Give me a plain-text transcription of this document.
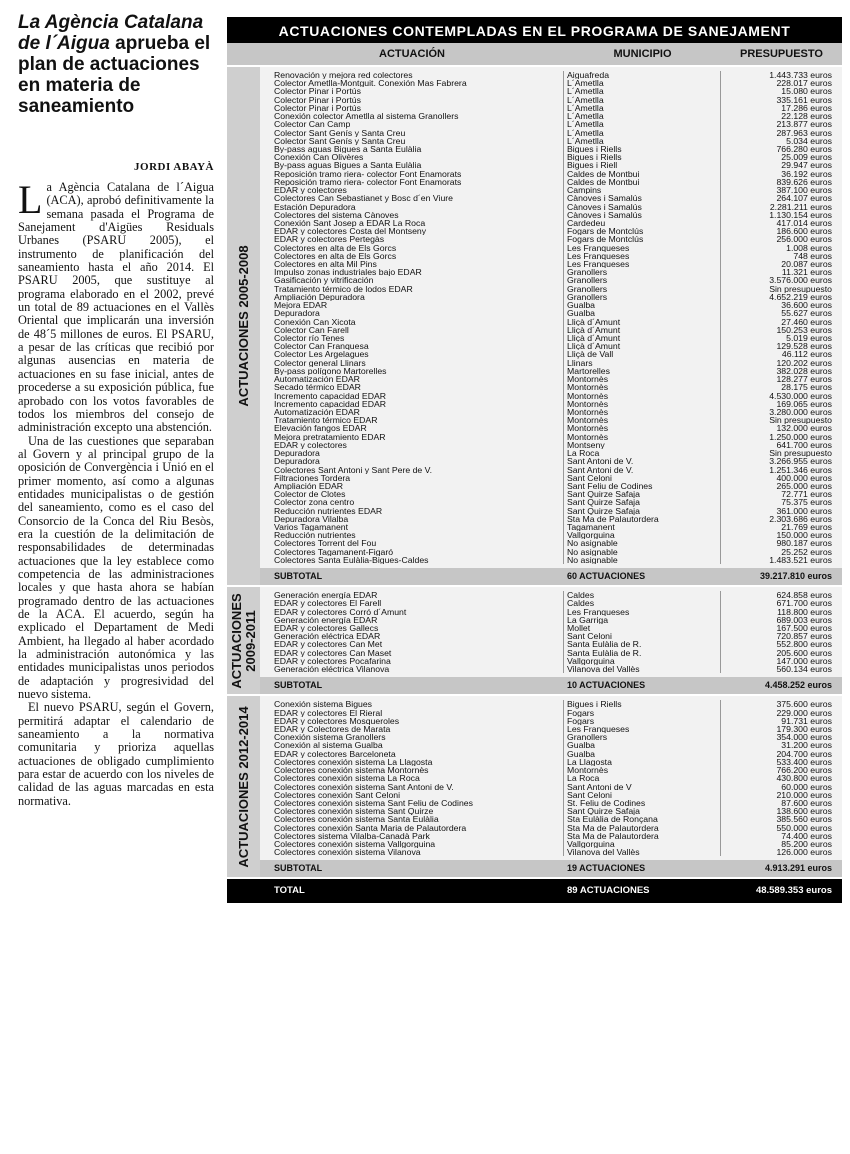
La Agència Catalana de l´Aigua aprueba el plan de actuaciones en materia de saneamiento
JORDI ABAYÀ

La Agència Catalana de l´Aigua (ACA), aprobó definitivamente la semana pasada el Programa de Sanejament d'Aigües Residuals Urbanes (PSARU 2005), el instrumento de planificación del saneamiento hasta el año 2014. El PSARU 2005, que sustituye al programa elaborado en el 2002, prevé un total de 89 actuaciones en el Vallès Oriental que implicarán una inversión de 48´5 millones de euros. El PSARU, a pesar de las críticas que recibió por algunas ausencias en materia de actuaciones en su fase inicial, antes de procederse a su exposición pública, fue aprobado con los votos favorables de todos los miembros del consejo de administración excepto una abstención.

Una de las cuestiones que separaban al Govern y al principal grupo de la oposición de Convergència i Unió en el primer momento, así como a algunas entidades municipalistas o de gestión del saneamiento, como es el caso del Consorcio de la Conca del Riu Besòs, era la cuestión de la delimitación de responsabilidades de determinadas actuaciones que la ley establece como competencia de las administraciones locales y que hasta ahora se habían programado dentro de las actuaciones de la ACA. El acuerdo, según ha explicado el Departament de Medi Ambient, ha llegado al haber acordado la administración autonómica y las entidades municipalistas unos periodos de adaptación y progresividad del nuevo sistema.

El nuevo PSARU, según el Govern, permitirá adaptar el calendario de saneamiento a la normativa comunitaria y prioriza aquellas actuaciones de obligado cumplimiento para estar de acuerdo con los niveles de calidad de las aguas marcadas en esta normativa.

ACTUACIONES CONTEMPLADAS EN EL PROGRAMA DE SANEJAMENT
ACTUACIÓN	MUNICIPIO	PRESUPUESTO
ACTUACIONES 2005-2008
Renovación y mejora red colectores	Aiguafreda	1.443.733 euros
Colector Ametlla-Montguit. Conexión Mas Fabrera	L´Ametlla	228.017 euros
Colector Pinar i Portús	L´Ametlla	15.080 euros
Colector Pinar i Portús	L´Ametlla	335.161 euros
Colector Pinar i Portús	L´Ametlla	17.286 euros
Conexión colector Ametlla al sistema Granollers	L´Ametlla	22.128 euros
Colector Can Camp	L´Ametlla	213.877 euros
Colector Sant Genís y Santa Creu	L´Ametlla	287.963 euros
Colector Sant Genís y Santa Creu	L´Ametlla	5.034 euros
By-pass aguas Bigues a Santa Eulàlia	Bigues i Riells	766.280 euros
Conexión Can Olivères	Bigues i Riells	25.009 euros
By-pass aguas Bigues a Santa Eulàlia	Bigues i Riell	29.947 euros
Reposición tramo riera- colector Font Enamorats	Caldes de Montbui	36.192 euros
Reposición tramo riera- colector Font Enamorats	Caldes de Montbui	839.626 euros
EDAR y colectores	Campins	387.100 euros
Colectores Can Sebastianet y Bosc d´en Viure	Cànoves i Samalús	264.107 euros
Estación Depuradora	Cànoves i Samalús	2.281.211 euros
Colectores del sistema Cànoves	Cànoves i Samalús	1.130.154 euros
Conexión Sant Josep a EDAR La Roca	Cardedeu	417.014 euros
EDAR y colectores Costa del Montseny	Fogars de Montclús	186.600 euros
EDAR y colectores Pertegàs	Fogars de Montclús	256.000 euros
Colectores en alta de Els Gorcs	Les Franqueses	1.008 euros
Colectores en alta de Els Gorcs	Les Franqueses	748 euros
Colectores en alta Mil Pins	Les Franqueses	20.087 euros
Impulso zonas industriales bajo EDAR	Granollers	11.321 euros
Gasificación y vitrificación	Granollers	3.576.000 euros
Tratamiento térmico de lodos EDAR	Granollers	Sin presupuesto
Ampliación Depuradora	Granollers	4.652.219 euros
Mejora EDAR	Gualba	36.600 euros
Depuradora	Gualba	55.627 euros
Conexión Can Xicota	Lliçà d´Amunt	27.460 euros
Colector Can Farell	Lliçà d´Amunt	150.253 euros
Colector río Tenes	Lliçà d´Amunt	5.019 euros
Colector Can Franquesa	Lliçà d´Amunt	129.528 euros
Colector Les Argelagues	Lliçà de Vall	46.112 euros
Colector general Llinars	Llinars	120.202 euros
By-pass polígono Martorelles	Martorelles	382.028 euros
Automatización EDAR	Montornès	128.277 euros
Secado térmico EDAR	Montornès	28.175 euros
Incremento capacidad EDAR	Montornès	4.530.000 euros
Incremento capacidad EDAR	Montornès	169.065 euros
Automatización EDAR	Montornès	3.280.000 euros
Tratamiento térmico EDAR	Montornès	Sin presupuesto
Elevación fangos EDAR	Montornès	132.000 euros
Mejora pretratamiento EDAR	Montornès	1.250.000 euros
EDAR y colectores	Montseny	641.700 euros
Depuradora	La Roca	Sin presupuesto
Depuradora	Sant Antoni de V.	3.266.955 euros
Colectores Sant Antoni y Sant Pere de V.	Sant Antoni de V.	1.251.346 euros
Filtraciones Tordera	Sant Celoni	400.000 euros
Ampliación EDAR	Sant Feliu de Codines	265.000 euros
Colector de Clotes	Sant Quirze Safaja	72.771 euros
Colector zona centro	Sant Quirze Safaja	75.375 euros
Reducción nutrientes EDAR	Sant Quirze Safaja	361.000 euros
Depuradora Vilalba	Sta Ma de Palautordera	2.303.686 euros
Varios Tagamanent	Tagamanent	21.769 euros
Reducción nutrientes	Vallgorguina	150.000 euros
Colectores Torrent del Fou	No asignable	980.187 euros
Colectores Tagamanent-Figaró	No asignable	25.252 euros
Colectores Santa Eulàlia-Bigues-Caldes	No asignable	1.483.521 euros
SUBTOTAL	60 ACTUACIONES	39.217.810 euros
ACTUACIONES
2009-2011
Generación energía EDAR	Caldes	624.858 euros
EDAR y colectores El Farell	Caldes	671.700 euros
EDAR y colectores Corró d´Amunt	Les Franqueses	118.800 euros
Generación energía EDAR	La Garriga	689.003 euros
EDAR y colectores Gallecs	Mollet	167.500 euros
Generación eléctrica EDAR	Sant Celoni	720.857 euros
EDAR y colectores Can Met	Santa Eulàlia de R.	552.800 euros
EDAR y colectores Can Maset	Santa Eulàlia de R.	205.600 euros
EDAR y colectores Pocafarina	Vallgorguina	147.000 euros
Generación eléctrica Vilanova	Vilanova del Vallès	560.134 euros
SUBTOTAL	10 ACTUACIONES	4.458.252 euros
ACTUACIONES 2012-2014
Conexión sistema Bigues	Bigues i Riells	375.600 euros
EDAR y colectores El Rieral	Fogars	229.000 euros
EDAR y colectores Mosqueroles	Fogars	91.731 euros
EDAR y Colectores de Marata	Les Franqueses	179.300 euros
Conexión sistema Granollers	Granollers	354.000 euros
Conexión al sistema Gualba	Gualba	31.200 euros
EDAR y colectores Barceloneta	Gualba	204.700 euros
Colectores conexión sistema La Llagosta	La Llagosta	533.400 euros
Colectores conexión sistema Montornès	Montornès	766.200 euros
Colectores conexión sistema La Roca	La Roca	430.800 euros
Colectores conexión sistema Sant Antoni de V.	Sant Antoni de V	60.000 euros
Colectores conexión Sant Celoni	Sant Celoni	210.000 euros
Colectores conexión sistema Sant Feliu de Codines	St. Feliu de Codines	87.600 euros
Colectores conexión sistema Sant Quirze	Sant Quirze Safaja	138.600 euros
Colectores conexión sistema Santa Eulàlia	Sta Eulàlia de Ronçana	385.560 euros
Colectores conexión Santa Maria de Palautordera	Sta Ma de Palautordera	550.000 euros
Colectores sistema Vilalba-Canadà Park	Sta Ma de Palautordera	74.400 euros
Colectores conexión sistema Vallgorguina	Vallgorguina	85.200 euros
Colectores conexión sistema Vilanova	Vilanova del Vallès	126.000 euros
SUBTOTAL	19 ACTUACIONES	4.913.291 euros
TOTAL	89 ACTUACIONES	48.589.353 euros
